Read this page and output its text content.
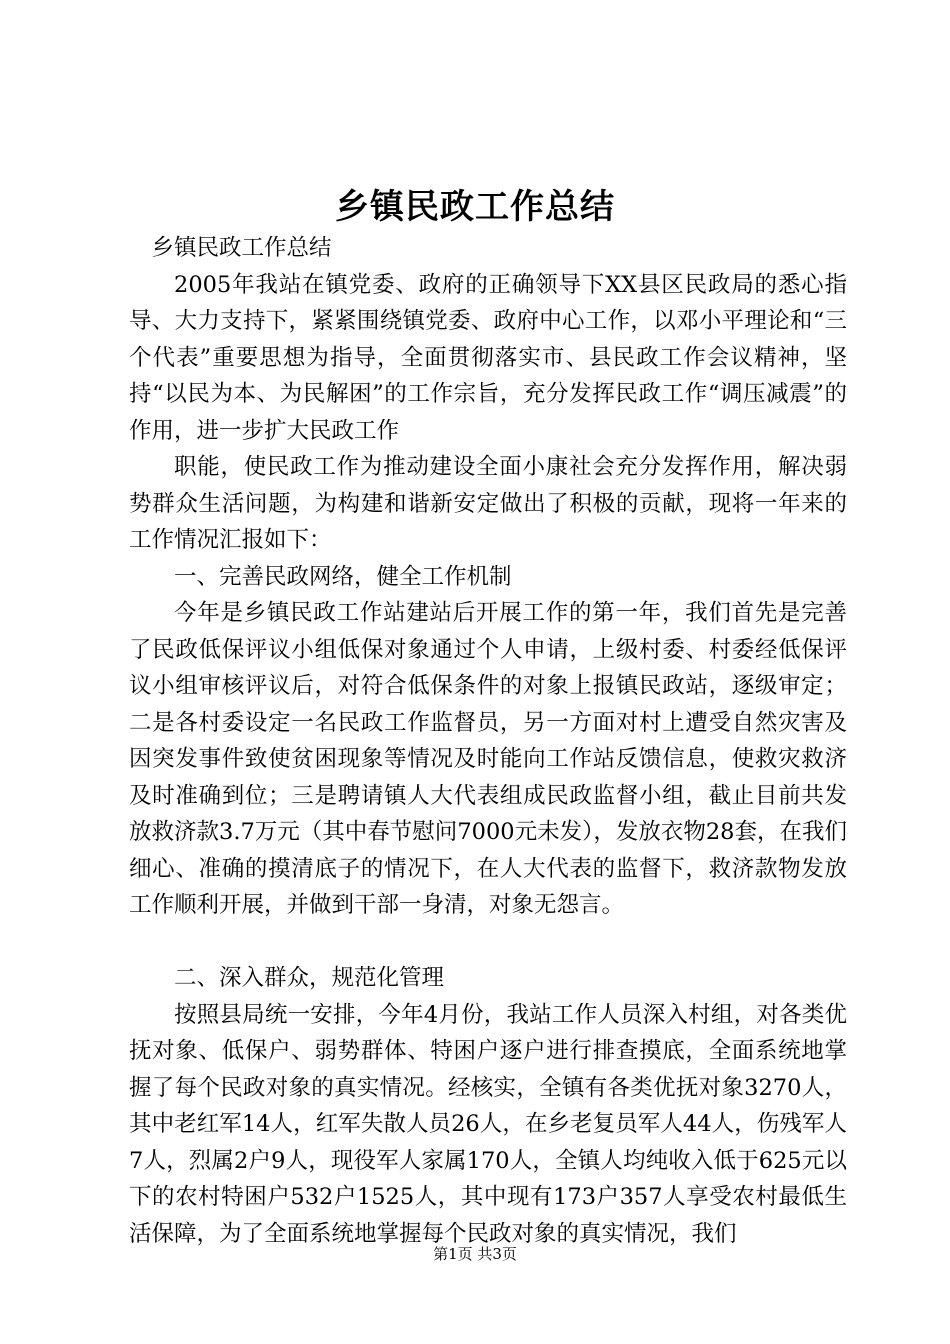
乡镇民政工作总结

乡镇民政工作总结

2005年我站在镇党委、政府的正确领导下XX县区民政局的悉心指导、大力支持下，紧紧围绕镇党委、政府中心工作，以邓小平理论和“三个代表”重要思想为指导，全面贯彻落实市、县民政工作会议精神，坚持“以民为本、为民解困”的工作宗旨，充分发挥民政工作“调压减震”的作用，进一步扩大民政工作

职能，使民政工作为推动建设全面小康社会充分发挥作用，解决弱势群众生活问题，为构建和谐新安定做出了积极的贡献，现将一年来的工作情况汇报如下：

一、完善民政网络，健全工作机制

今年是乡镇民政工作站建站后开展工作的第一年，我们首先是完善了民政低保评议小组低保对象通过个人申请，上级村委、村委经低保评议小组审核评议后，对符合低保条件的对象上报镇民政站，逐级审定；二是各村委设定一名民政工作监督员，另一方面对村上遭受自然灾害及因突发事件致使贫困现象等情况及时能向工作站反馈信息，使救灾救济及时准确到位；三是聘请镇人大代表组成民政监督小组，截止目前共发放救济款3.7万元（其中春节慰问7000元未发），发放衣物28套，在我们细心、准确的摸清底子的情况下，在人大代表的监督下，救济款物发放工作顺利开展，并做到干部一身清，对象无怨言。

二、深入群众，规范化管理

按照县局统一安排，今年4月份，我站工作人员深入村组，对各类优抚对象、低保户、弱势群体、特困户逐户进行排查摸底，全面系统地掌握了每个民政对象的真实情况。经核实，全镇有各类优抚对象3270人，其中老红军14人，红军失散人员26人，在乡老复员军人44人，伤残军人7人，烈属2户9人，现役军人家属170人，全镇人均纯收入低于625元以下的农村特困户532户1525人，其中现有173户357人享受农村最低生活保障，为了全面系统地掌握每个民政对象的真实情况，我们

第1页 共3页
